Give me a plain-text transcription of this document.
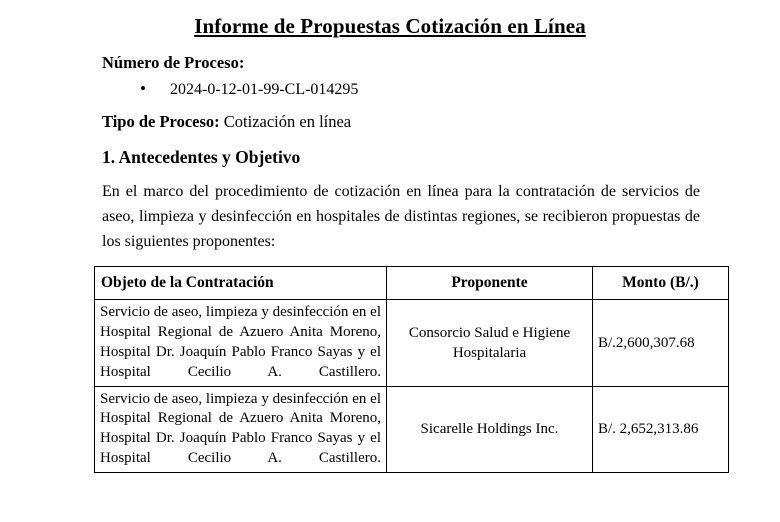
Informe de Propuestas Cotización en Línea
Número de Proceso:
• 2024-0-12-01-99-CL-014295
Tipo de Proceso: Cotización en línea
1. Antecedentes y Objetivo
En el marco del procedimiento de cotización en línea para la contratación de servicios de aseo, limpieza y desinfección en hospitales de distintas regiones, se recibieron propuestas de los siguientes proponentes:
Objeto de la Contratación	Proponente	Monto (B/.)
Servicio de aseo, limpieza y desinfección en el Hospital Regional de Azuero Anita Moreno, Hospital Dr. Joaquín Pablo Franco Sayas y el Hospital Cecilio A. Castillero.	Consorcio Salud e Higiene Hospitalaria	B/.2,600,307.68
Servicio de aseo, limpieza y desinfección en el Hospital Regional de Azuero Anita Moreno, Hospital Dr. Joaquín Pablo Franco Sayas y el Hospital Cecilio A. Castillero.	Sicarelle Holdings Inc.	B/. 2,652,313.86
